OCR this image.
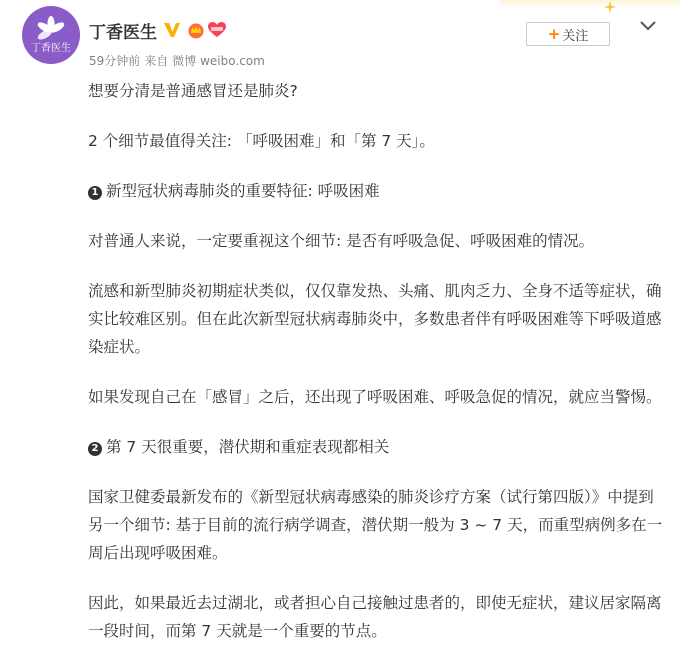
丁香医生
丁香医生
59分钟前 来自 微博 weibo.com
+ 关注

想要分清是普通感冒还是肺炎?

2 个细节最值得关注: 「呼吸困难」和「第 7 天」。

1 新型冠状病毒肺炎的重要特征: 呼吸困难

对普通人来说，一定要重视这个细节: 是否有呼吸急促、呼吸困难的情况。

流感和新型肺炎初期症状类似，仅仅靠发热、头痛、肌肉乏力、全身不适等症状，确实比较难区别。但在此次新型冠状病毒肺炎中，多数患者伴有呼吸困难等下呼吸道感染症状。

如果发现自己在「感冒」之后，还出现了呼吸困难、呼吸急促的情况，就应当警惕。

2 第 7 天很重要，潜伏期和重症表现都相关

国家卫健委最新发布的《新型冠状病毒感染的肺炎诊疗方案（试行第四版）》中提到另一个细节: 基于目前的流行病学调查，潜伏期一般为 3 ~ 7 天，而重型病例多在一周后出现呼吸困难。

因此，如果最近去过湖北，或者担心自己接触过患者的，即使无症状，建议居家隔离一段时间，而第 7 天就是一个重要的节点。
